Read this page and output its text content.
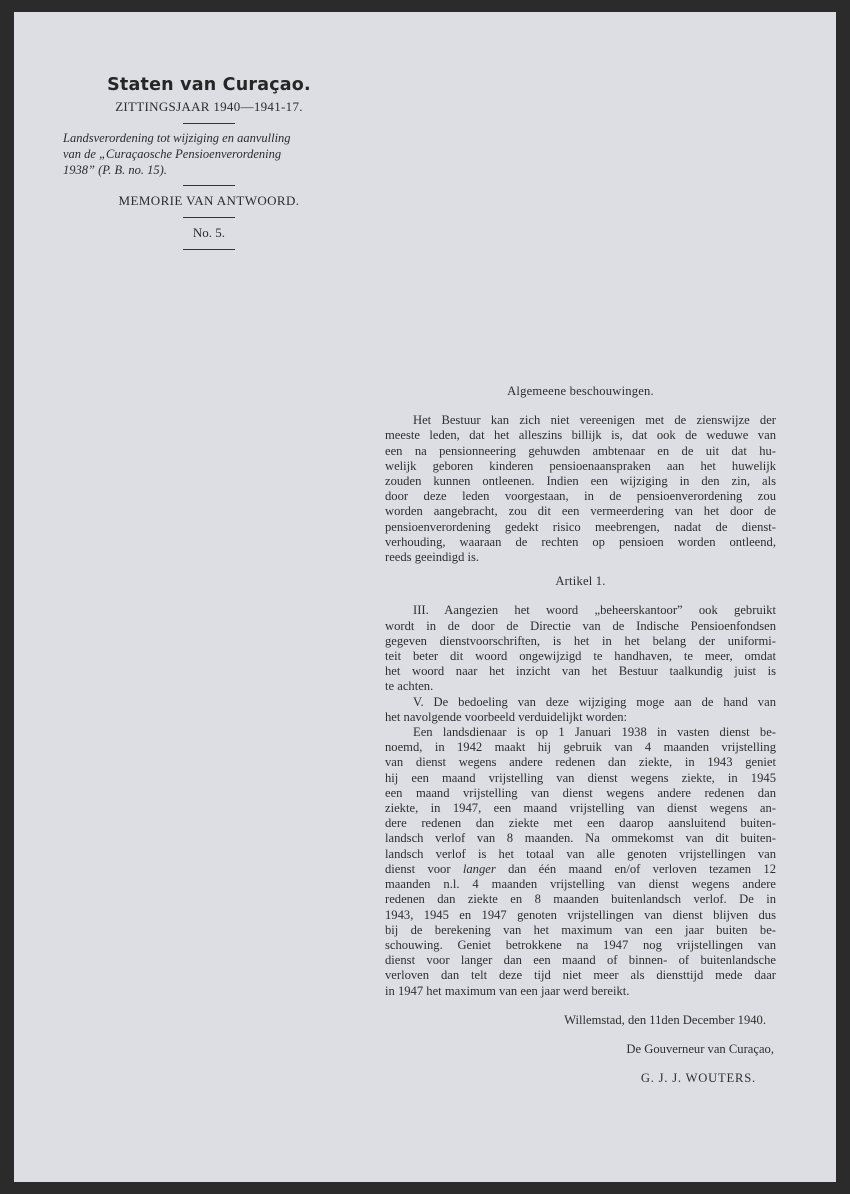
Staten van Curaçao.
ZITTINGSJAAR 1940—1941-17.
Landsverordening tot wijziging en aanvulling
van de „Curaçaosche Pensioenverordening
1938” (P. B. no. 15).
MEMORIE VAN ANTWOORD.
No. 5.
Algemeene beschouwingen.
Het Bestuur kan zich niet vereenigen met de zienswijze der
meeste leden, dat het alleszins billijk is, dat ook de weduwe van
een na pensionneering gehuwden ambtenaar en de uit dat hu-
welijk geboren kinderen pensioenaanspraken aan het huwelijk
zouden kunnen ontleenen. Indien een wijziging in den zin, als
door deze leden voorgestaan, in de pensioenverordening zou
worden aangebracht, zou dit een vermeerdering van het door de
pensioenverordening gedekt risico meebrengen, nadat de dienst-
verhouding, waaraan de rechten op pensioen worden ontleend,
reeds geeindigd is.
Artikel 1.
III. Aangezien het woord „beheerskantoor” ook gebruikt
wordt in de door de Directie van de Indische Pensioenfondsen
gegeven dienstvoorschriften, is het in het belang der uniformi-
teit beter dit woord ongewijzigd te handhaven, te meer, omdat
het woord naar het inzicht van het Bestuur taalkundig juist is
te achten.
V. De bedoeling van deze wijziging moge aan de hand van
het navolgende voorbeeld verduidelijkt worden:
Een landsdienaar is op 1 Januari 1938 in vasten dienst be-
noemd, in 1942 maakt hij gebruik van 4 maanden vrijstelling
van dienst wegens andere redenen dan ziekte, in 1943 geniet
hij een maand vrijstelling van dienst wegens ziekte, in 1945
een maand vrijstelling van dienst wegens andere redenen dan
ziekte, in 1947, een maand vrijstelling van dienst wegens an-
dere redenen dan ziekte met een daarop aansluitend buiten-
landsch verlof van 8 maanden. Na ommekomst van dit buiten-
landsch verlof is het totaal van alle genoten vrijstellingen van
dienst voor langer dan één maand en/of verloven tezamen 12
maanden n.l. 4 maanden vrijstelling van dienst wegens andere
redenen dan ziekte en 8 maanden buitenlandsch verlof. De in
1943, 1945 en 1947 genoten vrijstellingen van dienst blijven dus
bij de berekening van het maximum van een jaar buiten be-
schouwing. Geniet betrokkene na 1947 nog vrijstellingen van
dienst voor langer dan een maand of binnen- of buitenlandsche
verloven dan telt deze tijd niet meer als diensttijd mede daar
in 1947 het maximum van een jaar werd bereikt.
Willemstad, den 11den December 1940.
De Gouverneur van Curaçao,
G. J. J. WOUTERS.
